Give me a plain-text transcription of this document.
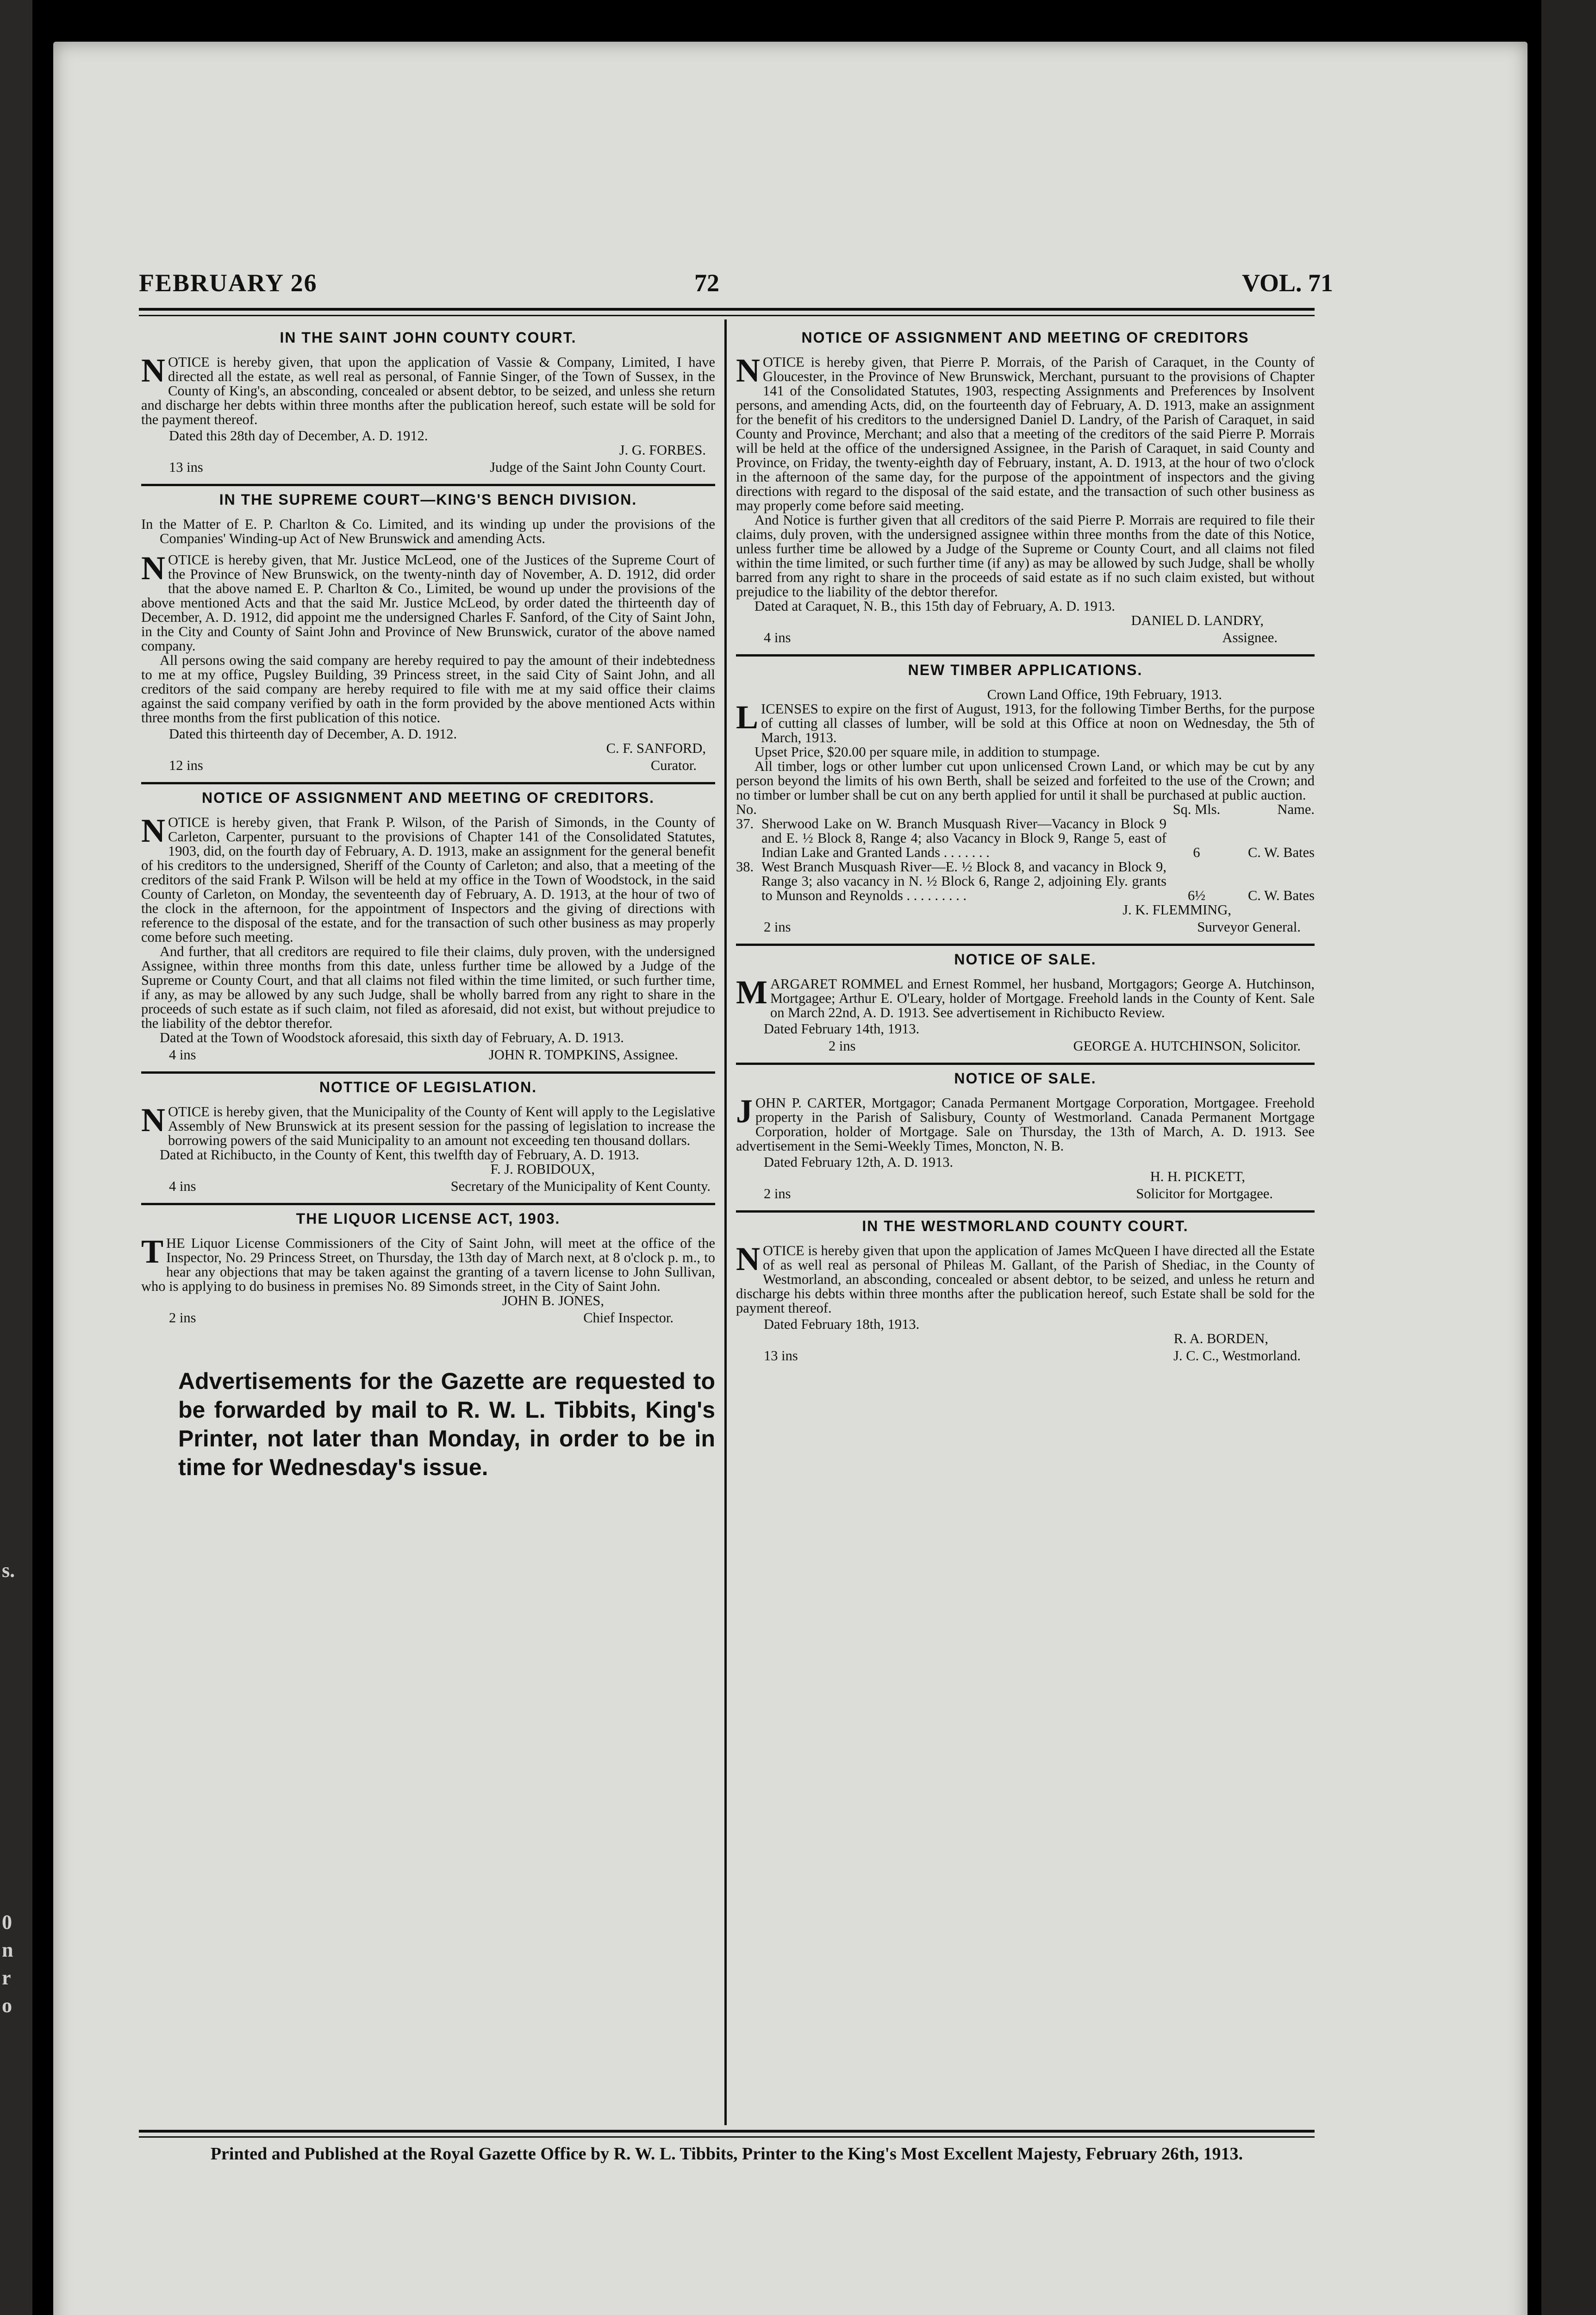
s.
0
n
r
o
FEBRUARY 26	72	VOL. 71
IN THE SAINT JOHN COUNTY COURT.

NOTICE is hereby given, that upon the application of Vassie & Company, Limited, I have directed all the estate, as well real as personal, of Fannie Singer, of the Town of Sussex, in the County of King's, an absconding, concealed or absent debtor, to be seized, and unless she return and discharge her debts within three months after the publication hereof, such estate will be sold for the payment thereof.

Dated this 28th day of December, A. D. 1912.

J. G. FORBES.

13 ins	Judge of the Saint John County Court.
IN THE SUPREME COURT—KING'S BENCH DIVISION.

In the Matter of E. P. Charlton & Co. Limited, and its winding up under the provisions of the Companies' Winding-up Act of New Brunswick and amending Acts.

NOTICE is hereby given, that Mr. Justice McLeod, one of the Justices of the Supreme Court of the Province of New Brunswick, on the twenty-ninth day of November, A. D. 1912, did order that the above named E. P. Charlton & Co., Limited, be wound up under the provisions of the above mentioned Acts and that the said Mr. Justice McLeod, by order dated the thirteenth day of December, A. D. 1912, did appoint me the undersigned Charles F. Sanford, of the City of Saint John, in the City and County of Saint John and Province of New Brunswick, curator of the above named company.

All persons owing the said company are hereby required to pay the amount of their indebtedness to me at my office, Pugsley Building, 39 Princess street, in the said City of Saint John, and all creditors of the said company are hereby required to file with me at my said office their claims against the said company verified by oath in the form provided by the above mentioned Acts within three months from the first publication of this notice.

Dated this thirteenth day of December, A. D. 1912.

C. F. SANFORD,

12 ins	Curator.
NOTICE OF ASSIGNMENT AND MEETING OF CREDITORS.

NOTICE is hereby given, that Frank P. Wilson, of the Parish of Simonds, in the County of Carleton, Carpenter, pursuant to the provisions of Chapter 141 of the Consolidated Statutes, 1903, did, on the fourth day of February, A. D. 1913, make an assignment for the general benefit of his creditors to the undersigned, Sheriff of the County of Carleton; and also, that a meeting of the creditors of the said Frank P. Wilson will be held at my office in the Town of Woodstock, in the said County of Carleton, on Monday, the seventeenth day of February, A. D. 1913, at the hour of two of the clock in the afternoon, for the appointment of Inspectors and the giving of directions with reference to the disposal of the estate, and for the transaction of such other business as may properly come before such meeting.

And further, that all creditors are required to file their claims, duly proven, with the undersigned Assignee, within three months from this date, unless further time be allowed by a Judge of the Supreme or County Court, and that all claims not filed within the time limited, or such further time, if any, as may be allowed by any such Judge, shall be wholly barred from any right to share in the proceeds of such estate as if such claim, not filed as aforesaid, did not exist, but without prejudice to the liability of the debtor therefor.

Dated at the Town of Woodstock aforesaid, this sixth day of February, A. D. 1913.

4 ins	JOHN R. TOMPKINS, Assignee.
NOTTICE OF LEGISLATION.

NOTICE is hereby given, that the Municipality of the County of Kent will apply to the Legislative Assembly of New Brunswick at its present session for the passing of legislation to increase the borrowing powers of the said Municipality to an amount not exceeding ten thousand dollars.

Dated at Richibucto, in the County of Kent, this twelfth day of February, A. D. 1913.

F. J. ROBIDOUX,

4 ins	Secretary of the Municipality of Kent County.
THE LIQUOR LICENSE ACT, 1903.

THE Liquor License Commissioners of the City of Saint John, will meet at the office of the Inspector, No. 29 Princess Street, on Thursday, the 13th day of March next, at 8 o'clock p. m., to hear any objections that may be taken against the granting of a tavern license to John Sullivan, who is applying to do business in premises No. 89 Simonds street, in the City of Saint John.

JOHN B. JONES,

2 ins	Chief Inspector.
Advertisements for the Gazette are requested to be forwarded by mail to R. W. L. Tibbits, King's Printer, not later than Monday, in order to be in time for Wednesday's issue.
NOTICE OF ASSIGNMENT AND MEETING OF CREDITORS

NOTICE is hereby given, that Pierre P. Morrais, of the Parish of Caraquet, in the County of Gloucester, in the Province of New Brunswick, Merchant, pursuant to the provisions of Chapter 141 of the Consolidated Statutes, 1903, respecting Assignments and Preferences by Insolvent persons, and amending Acts, did, on the fourteenth day of February, A. D. 1913, make an assignment for the benefit of his creditors to the undersigned Daniel D. Landry, of the Parish of Caraquet, in said County and Province, Merchant; and also that a meeting of the creditors of the said Pierre P. Morrais will be held at the office of the undersigned Assignee, in the Parish of Caraquet, in said County and Province, on Friday, the twenty-eighth day of February, instant, A. D. 1913, at the hour of two o'clock in the afternoon of the same day, for the purpose of the appointment of inspectors and the giving directions with regard to the disposal of the said estate, and the transaction of such other business as may properly come before said meeting.

And Notice is further given that all creditors of the said Pierre P. Morrais are required to file their claims, duly proven, with the undersigned assignee within three months from the date of this Notice, unless further time be allowed by a Judge of the Supreme or County Court, and all claims not filed within the time limited, or such further time (if any) as may be allowed by such Judge, shall be wholly barred from any right to share in the proceeds of said estate as if no such claim existed, but without prejudice to the liability of the debtor therefor.

Dated at Caraquet, N. B., this 15th day of February, A. D. 1913.

DANIEL D. LANDRY,

4 ins	Assignee.
NEW TIMBER APPLICATIONS.

Crown Land Office, 19th February, 1913.

LICENSES to expire on the first of August, 1913, for the following Timber Berths, for the purpose of cutting all classes of lumber, will be sold at this Office at noon on Wednesday, the 5th of March, 1913.

Upset Price, $20.00 per square mile, in addition to stumpage.

All timber, logs or other lumber cut upon unlicensed Crown Land, or which may be cut by any person beyond the limits of his own Berth, shall be seized and forfeited to the use of the Crown; and no timber or lumber shall be cut on any berth applied for until it shall be purchased at public auction.

No.	Sq. Mls.	Name.
37. Sherwood Lake on W. Branch Musquash River—Vacancy in Block 9 and E. ½ Block 8, Range 4; also Vacancy in Block 9, Range 5, east of Indian Lake and Granted Lands . . . . . . .	6	C. W. Bates
38. West Branch Musquash River—E. ½ Block 8, and vacancy in Block 9, Range 3; also vacancy in N. ½ Block 6, Range 2, adjoining Ely. grants to Munson and Reynolds . . . . . . . . .	6½	C. W. Bates

J. K. FLEMMING,

2 ins	Surveyor General.
NOTICE OF SALE.

MARGARET ROMMEL and Ernest Rommel, her husband, Mortgagors; George A. Hutchinson, Mortgagee; Arthur E. O'Leary, holder of Mortgage. Freehold lands in the County of Kent. Sale on March 22nd, A. D. 1913. See advertisement in Richibucto Review.

Dated February 14th, 1913.

2 ins	GEORGE A. HUTCHINSON, Solicitor.
NOTICE OF SALE.

JOHN P. CARTER, Mortgagor; Canada Permanent Mortgage Corporation, Mortgagee. Freehold property in the Parish of Salisbury, County of Westmorland. Canada Permanent Mortgage Corporation, holder of Mortgage. Sale on Thursday, the 13th of March, A. D. 1913. See advertisement in the Semi-Weekly Times, Moncton, N. B.

Dated February 12th, A. D. 1913.

H. H. PICKETT,

2 ins	Solicitor for Mortgagee.
IN THE WESTMORLAND COUNTY COURT.

NOTICE is hereby given that upon the application of James McQueen I have directed all the Estate of as well real as personal of Phileas M. Gallant, of the Parish of Shediac, in the County of Westmorland, an absconding, concealed or absent debtor, to be seized, and unless he return and discharge his debts within three months after the publication hereof, such Estate shall be sold for the payment thereof.

Dated February 18th, 1913.

R. A. BORDEN,

13 ins	J. C. C., Westmorland.
Printed and Published at the Royal Gazette Office by R. W. L. Tibbits, Printer to the King's Most Excellent Majesty, February 26th, 1913.
